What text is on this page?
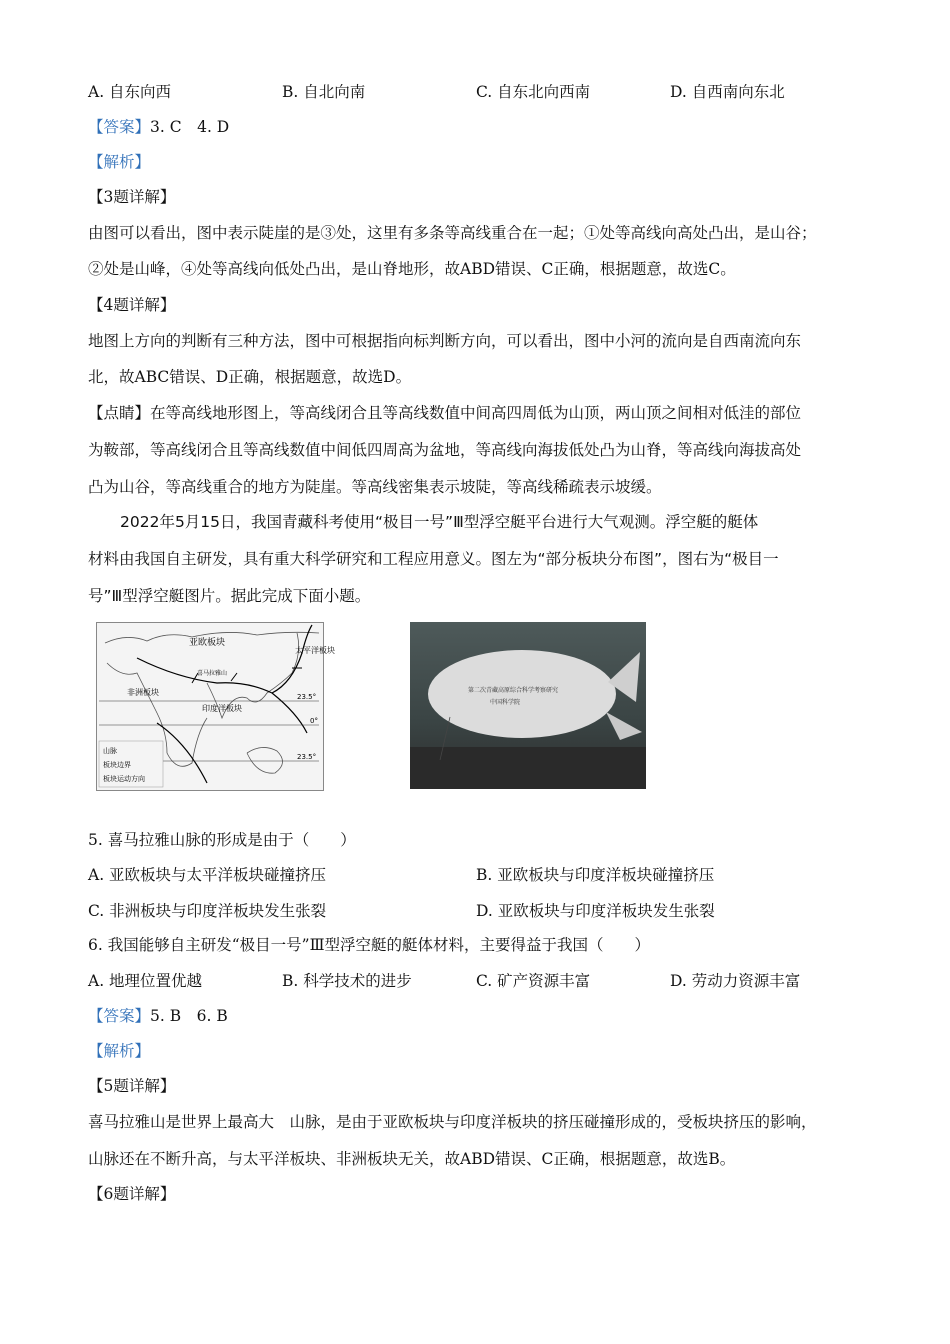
A. 自东向西	B. 自北向南	C. 自东北向西南	D. 自西南向东北
【答案】3. C　4. D
【解析】
【3题详解】
由图可以看出，图中表示陡崖的是③处，这里有多条等高线重合在一起；①处等高线向高处凸出，是山谷；
②处是山峰，④处等高线向低处凸出，是山脊地形，故ABD错误、C正确，根据题意，故选C。
【4题详解】
地图上方向的判断有三种方法，图中可根据指向标判断方向，可以看出，图中小河的流向是自西南流向东
北，故ABC错误、D正确，根据题意，故选D。
【点睛】在等高线地形图上，等高线闭合且等高线数值中间高四周低为山顶，两山顶之间相对低洼的部位
为鞍部，等高线闭合且等高线数值中间低四周高为盆地，等高线向海拔低处凸为山脊，等高线向海拔高处
凸为山谷，等高线重合的地方为陡崖。等高线密集表示坡陡，等高线稀疏表示坡缓。
2022年5月15日，我国青藏科考使用“极目一号”Ⅲ型浮空艇平台进行大气观测。浮空艇的艇体
材料由我国自主研发，具有重大科学研究和工程应用意义。图左为“部分板块分布图”，图右为“极目一
号”Ⅲ型浮空艇图片。据此完成下面小题。
亚欧板块
太平洋板块
非洲板块
印度洋板块
喜马拉雅山
23.5°
0°
23.5°
山脉
板块边界
板块运动方向
第二次青藏高原综合科学考察研究
中国科学院
5. 喜马拉雅山脉的形成是由于（　　）
A. 亚欧板块与太平洋板块碰撞挤压	B. 亚欧板块与印度洋板块碰撞挤压
C. 非洲板块与印度洋板块发生张裂	D. 亚欧板块与印度洋板块发生张裂
6. 我国能够自主研发“极目一号”Ⅲ型浮空艇的艇体材料，主要得益于我国（　　）
A. 地理位置优越	B. 科学技术的进步	C. 矿产资源丰富	D. 劳动力资源丰富
【答案】5. B　6. B
【解析】
【5题详解】
喜马拉雅山是世界上最高大　山脉，是由于亚欧板块与印度洋板块的挤压碰撞形成的，受板块挤压的影响，
山脉还在不断升高，与太平洋板块、非洲板块无关，故ABD错误、C正确，根据题意，故选B。
【6题详解】
